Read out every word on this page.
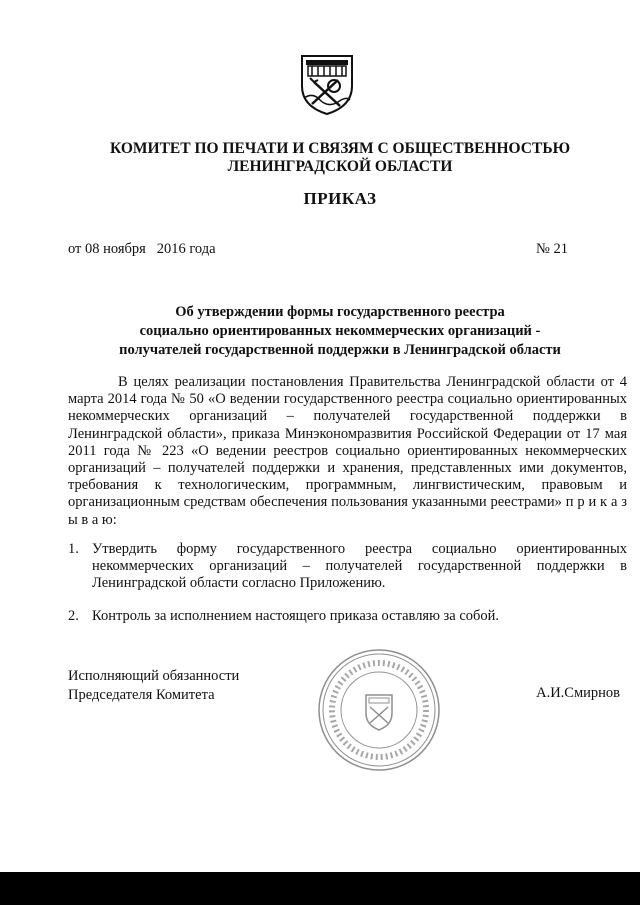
КОМИТЕТ ПО ПЕЧАТИ И СВЯЗЯМ С ОБЩЕСТВЕННОСТЬЮ
ЛЕНИНГРАДСКОЙ ОБЛАСТИ
ПРИКАЗ
от 08 ноября   2016 года	№ 21
Об утверждении формы государственного реестра
социально ориентированных некоммерческих организаций -
получателей государственной поддержки в Ленинградской области
В целях реализации постановления Правительства Ленинградской области от 4 марта 2014 года № 50 «О ведении государственного реестра социально ориентированных некоммерческих организаций – получателей государственной поддержки в Ленинградской области», приказа Минэкономразвития Российской Федерации от 17 мая 2011 года № 223 «О ведении реестров социально ориентированных некоммерческих организаций – получателей поддержки и хранения, представленных ими документов, требования к технологическим, программным, лингвистическим, правовым и организационным средствам обеспечения пользования указанными реестрами» п р и к а з ы в а ю:
1. Утвердить форму государственного реестра социально ориентированных некоммерческих организаций – получателей государственной поддержки в Ленинградской области согласно Приложению.
2. Контроль за исполнением настоящего приказа оставляю за собой.
Исполняющий обязанности
Председателя Комитета	А.И.Смирнов
